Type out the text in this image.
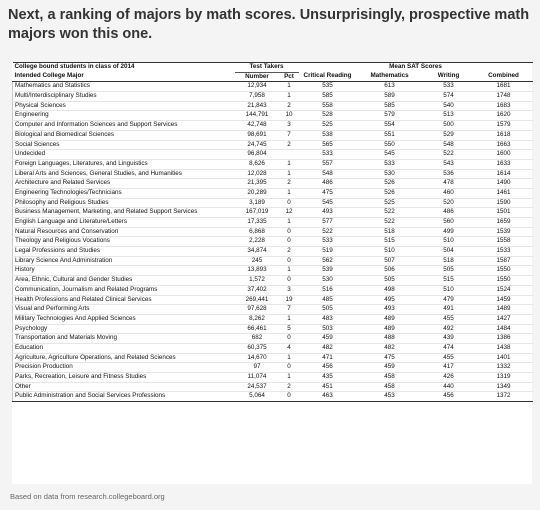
Next, a ranking of majors by math scores. Unsurprisingly, prospective math majors won this one.
College bound students in class of 2014	Test Takers			Mean SAT Scores		
Intended College Major	Number	Pct	Critical Reading	Mathematics	Writing	Combined
Mathematics and Statistics	12,934	1	535	613	533	1681
Multi/Interdisciplinary Studies	7,958	1	585	589	574	1748
Physical Sciences	21,843	2	558	585	540	1683
Engineering	144,791	10	528	579	513	1620
Computer and Information Sciences and Support Services	42,748	3	525	554	500	1579
Biological and Biomedical Sciences	98,691	7	538	551	529	1618
Social Sciences	24,745	2	565	550	548	1663
Undecided	96,804		533	545	522	1600
Foreign Languages, Literatures, and Linguistics	8,626	1	557	533	543	1633
Liberal Arts and Sciences, General Studies, and Humanities	12,028	1	548	530	536	1614
Architecture and Related Services	21,395	2	486	526	478	1490
Engineering Technologies/Technicians	20,289	1	475	526	460	1461
Philosophy and Religious Studies	3,189	0	545	525	520	1590
Business Management, Marketing, and Related Support Services	167,019	12	493	522	486	1501
English Language and Literature/Letters	17,335	1	577	522	560	1659
Natural Resources and Conservation	6,868	0	522	518	499	1539
Theology and Religious Vocations	2,228	0	533	515	510	1558
Legal Professions and Studies	34,874	2	519	510	504	1533
Library Science And Administration	245	0	562	507	518	1587
History	13,893	1	539	506	505	1550
Area, Ethnic, Cultural and Gender Studies	1,572	0	530	505	515	1550
Communication, Journalism and Related Programs	37,402	3	516	498	510	1524
Health Professions and Related Clinical Services	269,441	19	485	495	479	1459
Visual and Performing Arts	97,628	7	505	493	491	1489
Military Technologies And Applied Sciences	8,262	1	483	489	455	1427
Psychology	66,461	5	503	489	492	1484
Transportation and Materials Moving	682	0	459	488	439	1386
Education	60,375	4	482	482	474	1438
Agriculture, Agriculture Operations, and Related Sciences	14,670	1	471	475	455	1401
Precision Production	97	0	456	459	417	1332
Parks, Recreation, Leisure and Fitness Studies	11,074	1	435	458	426	1319
Other	24,537	2	451	458	440	1349
Public Administration and Social Services Professions	5,064	0	463	453	456	1372
Based on data from research.collegeboard.org
